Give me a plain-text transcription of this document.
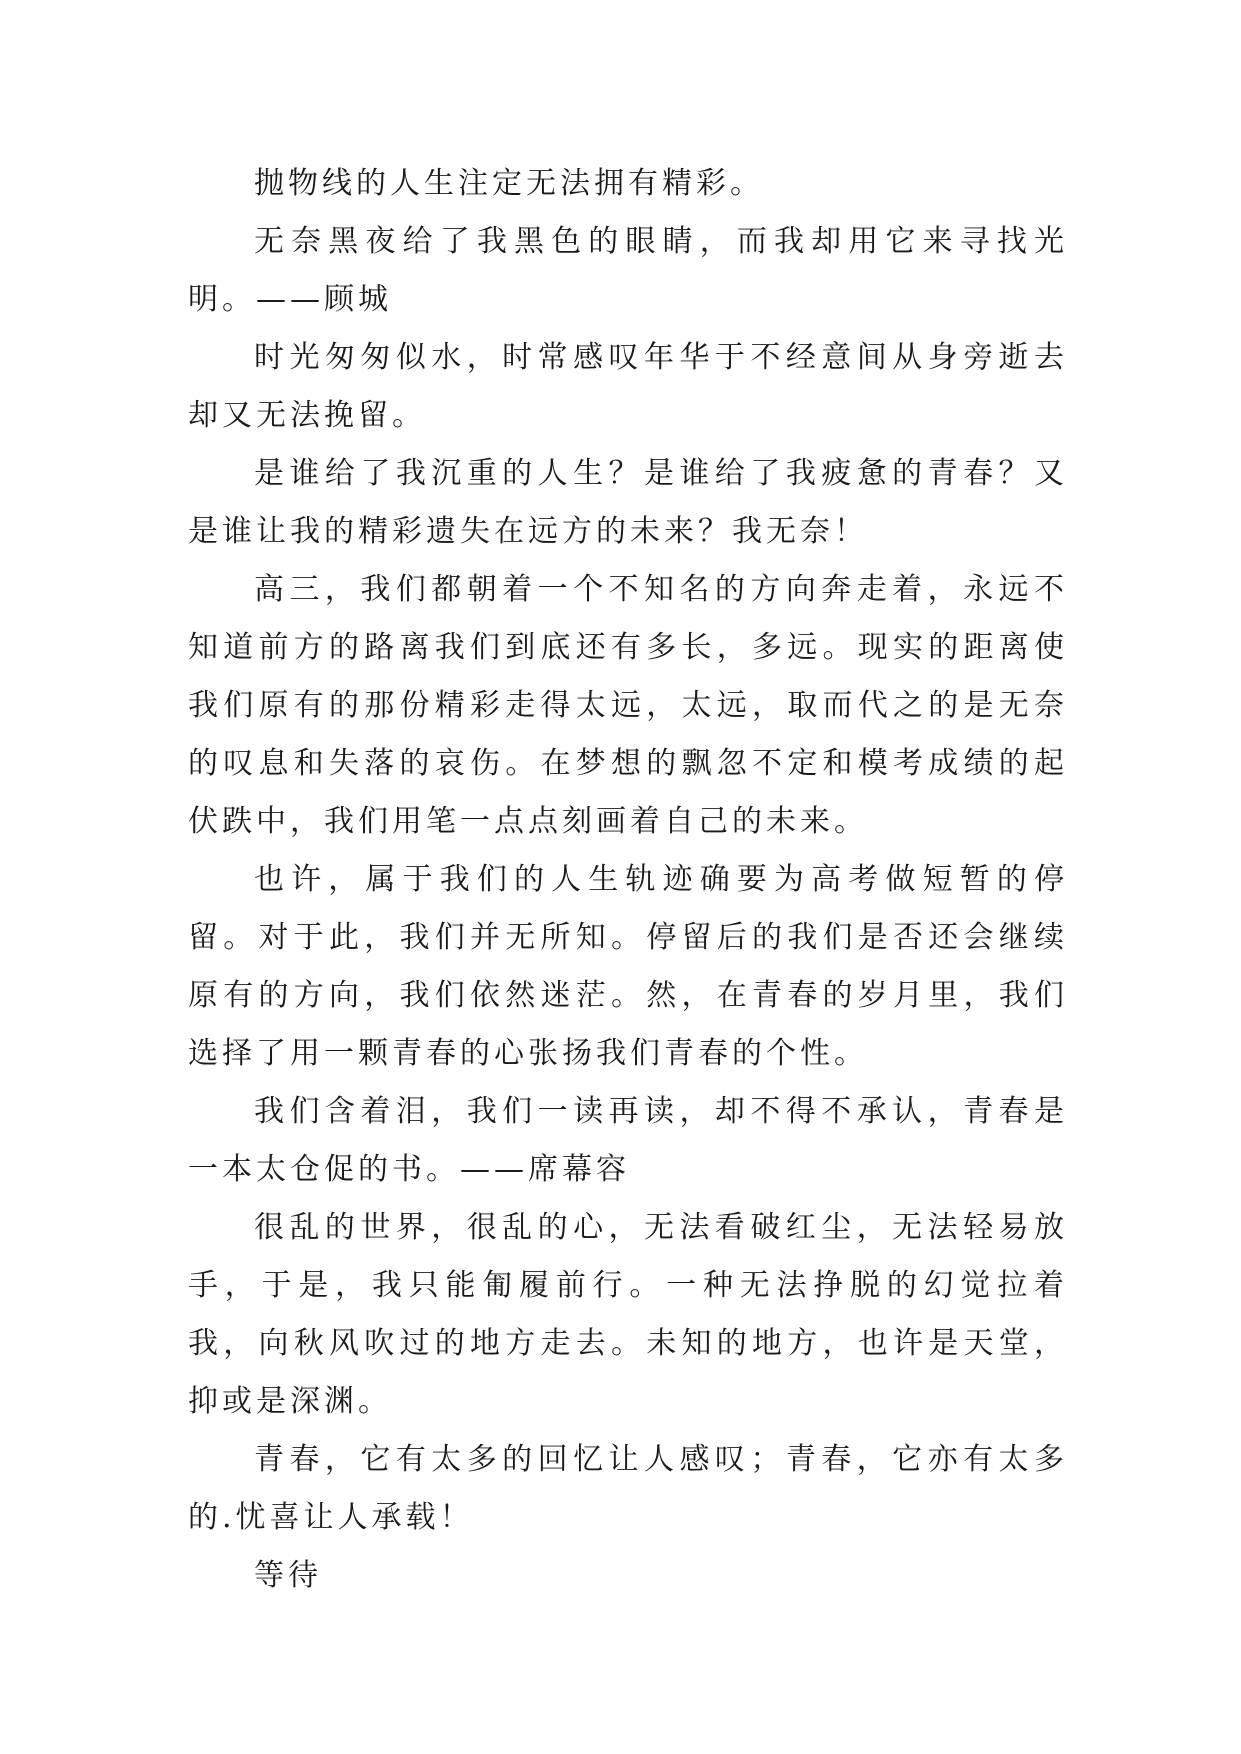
抛物线的人生注定无法拥有精彩。

无奈黑夜给了我黑色的眼睛，而我却用它来寻找光明。——顾城

时光匆匆似水，时常感叹年华于不经意间从身旁逝去却又无法挽留。

是谁给了我沉重的人生？是谁给了我疲惫的青春？又是谁让我的精彩遗失在远方的未来？我无奈！

高三，我们都朝着一个不知名的方向奔走着，永远不知道前方的路离我们到底还有多长，多远。现实的距离使我们原有的那份精彩走得太远，太远，取而代之的是无奈的叹息和失落的哀伤。在梦想的飘忽不定和模考成绩的起伏跌中，我们用笔一点点刻画着自己的未来。

也许，属于我们的人生轨迹确要为高考做短暂的停留。对于此，我们并无所知。停留后的我们是否还会继续原有的方向，我们依然迷茫。然，在青春的岁月里，我们选择了用一颗青春的心张扬我们青春的个性。

我们含着泪，我们一读再读，却不得不承认，青春是一本太仓促的书。——席幕容

很乱的世界，很乱的心，无法看破红尘，无法轻易放手，于是，我只能匍履前行。一种无法挣脱的幻觉拉着我，向秋风吹过的地方走去。未知的地方，也许是天堂，抑或是深渊。

青春，它有太多的回忆让人感叹；青春，它亦有太多的.忧喜让人承载！

等待
